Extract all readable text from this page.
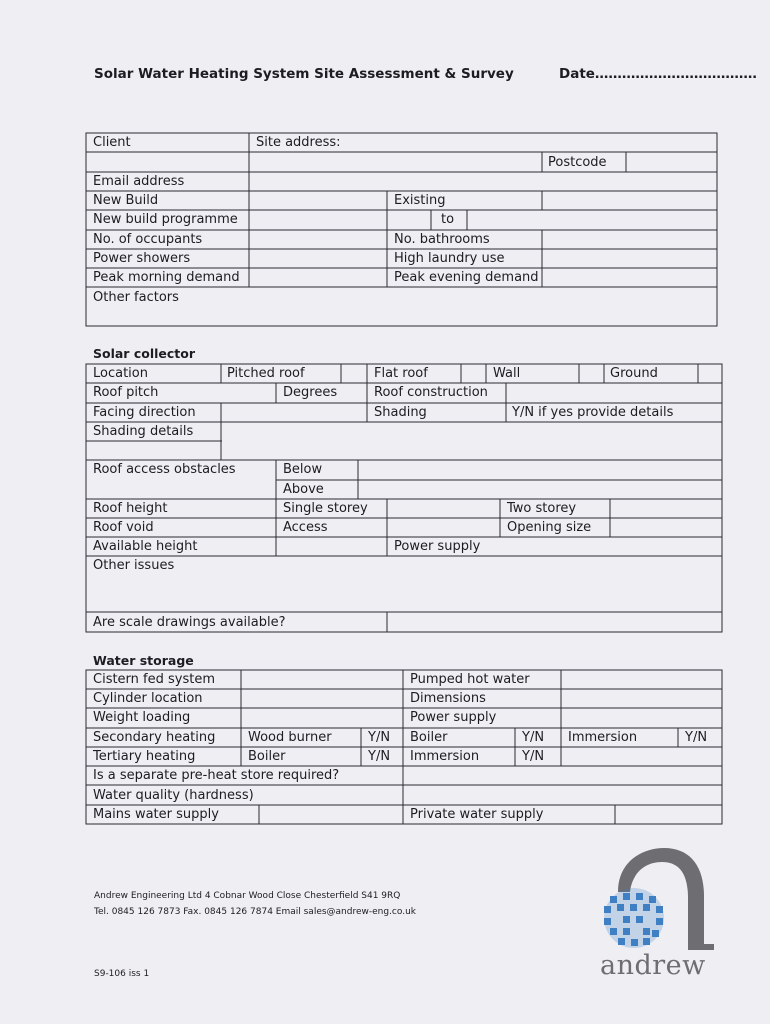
Solar Water Heating System Site Assessment & Survey	Date………………………………
Client	Site address:
Postcode
Email address
New Build	Existing
New build programme	to
No. of occupants	No. bathrooms
Power showers	High laundry use
Peak morning demand	Peak evening demand
Other factors
Solar collector
Location	Pitched roof	Flat roof	Wall	Ground
Roof pitch	Degrees	Roof construction
Facing direction	Shading	Y/N if yes provide details
Shading details
Roof access obstacles	Below
Above
Roof height	Single storey	Two storey
Roof void	Access	Opening size
Available height	Power supply
Other issues
Are scale drawings available?
Water storage
Cistern fed system	Pumped hot water
Cylinder location	Dimensions
Weight loading	Power supply
Secondary heating	Wood burner	Y/N Boiler	Y/N Immersion	Y/N
Tertiary heating	Boiler	Y/N Immersion	Y/N
Is a separate pre-heat store required?
Water quality (hardness)
Mains water supply	Private water supply
Andrew Engineering Ltd 4 Cobnar Wood Close Chesterfield S41 9RQ
Tel. 0845 126 7873 Fax. 0845 126 7874 Email sales@andrew-eng.co.uk
S9-106 iss 1	andrew
